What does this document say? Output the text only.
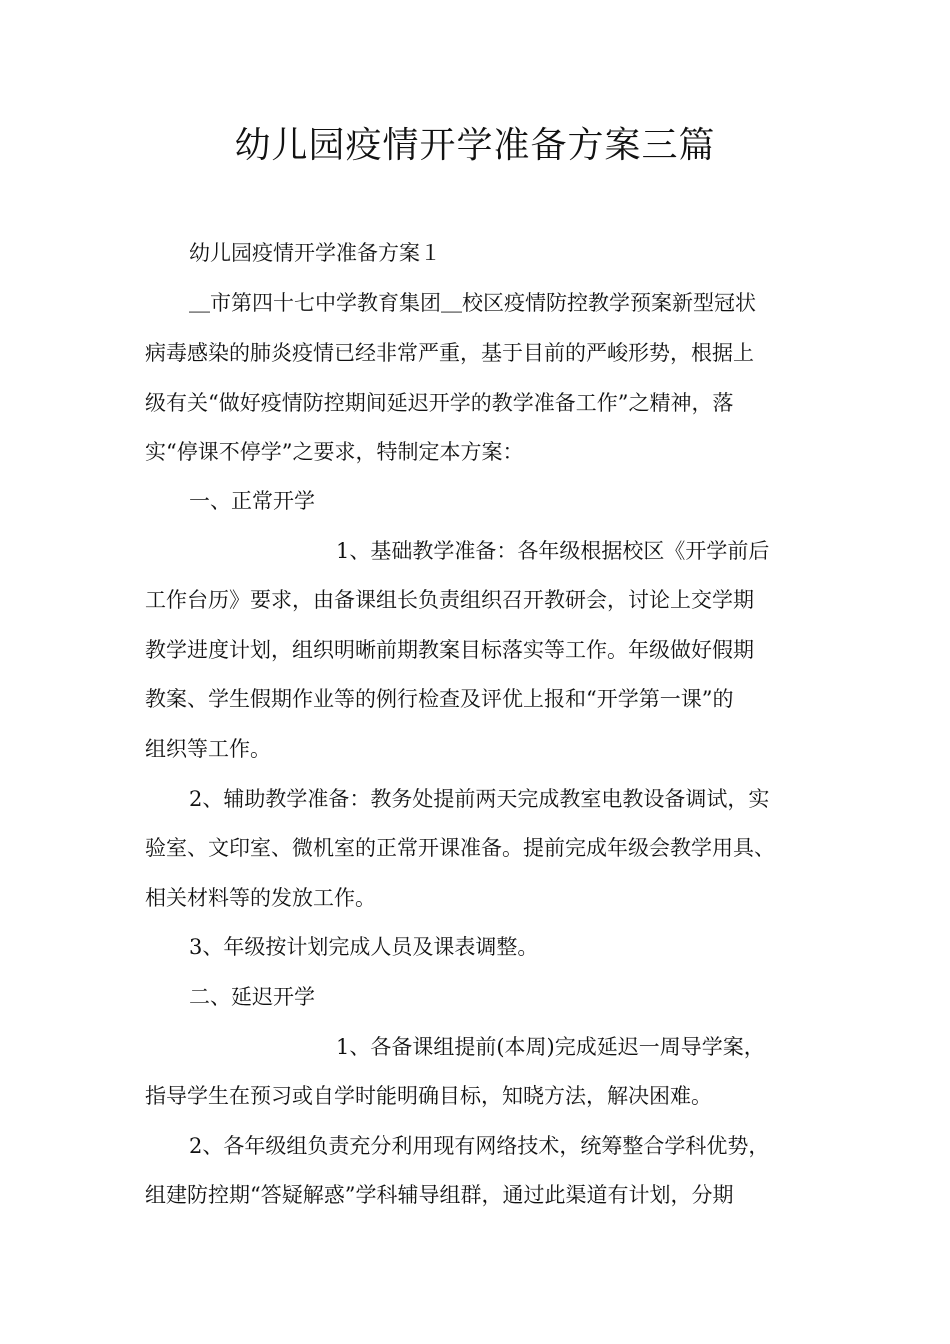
幼儿园疫情开学准备方案三篇

幼儿园疫情开学准备方案１

＿市第四十七中学教育集团＿校区疫情防控教学预案新型冠状

病毒感染的肺炎疫情已经非常严重，基于目前的严峻形势，根据上

级有关“做好疫情防控期间延迟开学的教学准备工作”之精神，落

实“停课不停学”之要求，特制定本方案：

一、正常开学

1、基础教学准备：各年级根据校区《开学前后

工作台历》要求，由备课组长负责组织召开教研会，讨论上交学期

教学进度计划，组织明晰前期教案目标落实等工作。年级做好假期

教案、学生假期作业等的例行检查及评优上报和“开学第一课”的

组织等工作。

2、辅助教学准备：教务处提前两天完成教室电教设备调试，实

验室、文印室、微机室的正常开课准备。提前完成年级会教学用具、

相关材料等的发放工作。

3、年级按计划完成人员及课表调整。

二、延迟开学

1、各备课组提前(本周)完成延迟一周导学案，

指导学生在预习或自学时能明确目标，知晓方法，解决困难。

2、各年级组负责充分利用现有网络技术，统筹整合学科优势，

组建防控期“答疑解惑”学科辅导组群，通过此渠道有计划，分期
